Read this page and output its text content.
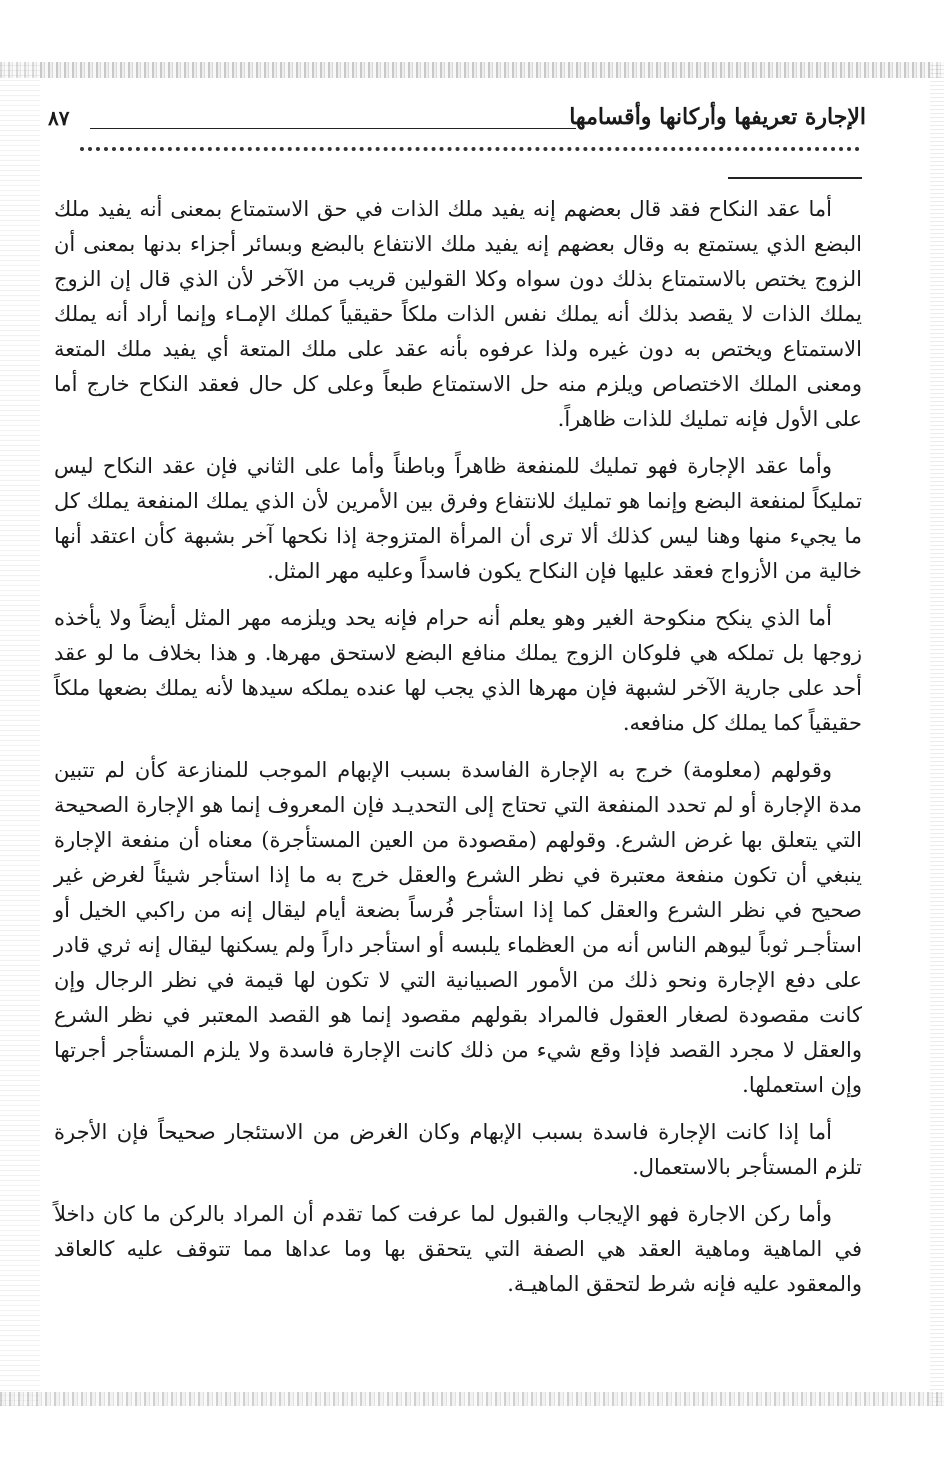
الإجارة تعريفها وأركانها وأقسامها
٨٧

أما عقد النكاح فقد قال بعضهم إنه يفيد ملك الذات في حق الاستمتاع بمعنى أنه يفيد ملك البضع الذي يستمتع به وقال بعضهم إنه يفيد ملك الانتفاع بالبضع وبسائر أجزاء بدنها بمعنى أن الزوج يختص بالاستمتاع بذلك دون سواه وكلا القولين قريب من الآخر لأن الذي قال إن الزوج يملك الذات لا يقصد بذلك أنه يملك نفس الذات ملكاً حقيقياً كملك الإمـاء وإنما أراد أنه يملك الاستمتاع ويختص به دون غيره ولذا عرفوه بأنه عقد على ملك المتعة أي يفيد ملك المتعة ومعنى الملك الاختصاص ويلزم منه حل الاستمتاع طبعاً وعلى كل حال فعقد النكاح خارج أما على الأول فإنه تمليك للذات ظاهراً.

وأما عقد الإجارة فهو تمليك للمنفعة ظاهراً وباطناً وأما على الثاني فإن عقد النكاح ليس تمليكاً لمنفعة البضع وإنما هو تمليك للانتفاع وفرق بين الأمرين لأن الذي يملك المنفعة يملك كل ما يجيء منها وهنا ليس كذلك ألا ترى أن المرأة المتزوجة إذا نكحها آخر بشبهة كأن اعتقد أنها خالية من الأزواج فعقد عليها فإن النكاح يكون فاسداً وعليه مهر المثل.

أما الذي ينكح منكوحة الغير وهو يعلم أنه حرام فإنه يحد ويلزمه مهر المثل أيضاً ولا يأخذه زوجها بل تملكه هي فلوكان الزوج يملك منافع البضع لاستحق مهرها. و هذا بخلاف ما لو عقد أحد على جارية الآخر لشبهة فإن مهرها الذي يجب لها عنده يملكه سيدها لأنه يملك بضعها ملكاً حقيقياً كما يملك كل منافعه.

وقولهم (معلومة) خرج به الإجارة الفاسدة بسبب الإبهام الموجب للمنازعة كأن لم تتبين مدة الإجارة أو لم تحدد المنفعة التي تحتاج إلى التحديـد فإن المعروف إنما هو الإجارة الصحيحة التي يتعلق بها غرض الشرع. وقولهم (مقصودة من العين المستأجرة) معناه أن منفعة الإجارة ينبغي أن تكون منفعة معتبرة في نظر الشرع والعقل خرج به ما إذا استأجر شيئاً لغرض غير صحيح في نظر الشرع والعقل كما إذا استأجر فُرساً بضعة أيام ليقال إنه من راكبي الخيل أو استأجـر ثوباً ليوهم الناس أنه من العظماء يلبسه أو استأجر داراً ولم يسكنها ليقال إنه ثري قادر على دفع الإجارة ونحو ذلك من الأمور الصبيانية التي لا تكون لها قيمة في نظر الرجال وإن كانت مقصودة لصغار العقول فالمراد بقولهم مقصود إنما هو القصد المعتبر في نظر الشرع والعقل لا مجرد القصد فإذا وقع شيء من ذلك كانت الإجارة فاسدة ولا يلزم المستأجر أجرتها وإن استعملها.

أما إذا كانت الإجارة فاسدة بسبب الإبهام وكان الغرض من الاستئجار صحيحاً فإن الأجرة تلزم المستأجر بالاستعمال.

وأما ركن الاجارة فهو الإيجاب والقبول لما عرفت كما تقدم أن المراد بالركن ما كان داخلاً في الماهية وماهية العقد هي الصفة التي يتحقق بها وما عداها مما تتوقف عليه كالعاقد والمعقود عليه فإنه شرط لتحقق الماهيـة.
